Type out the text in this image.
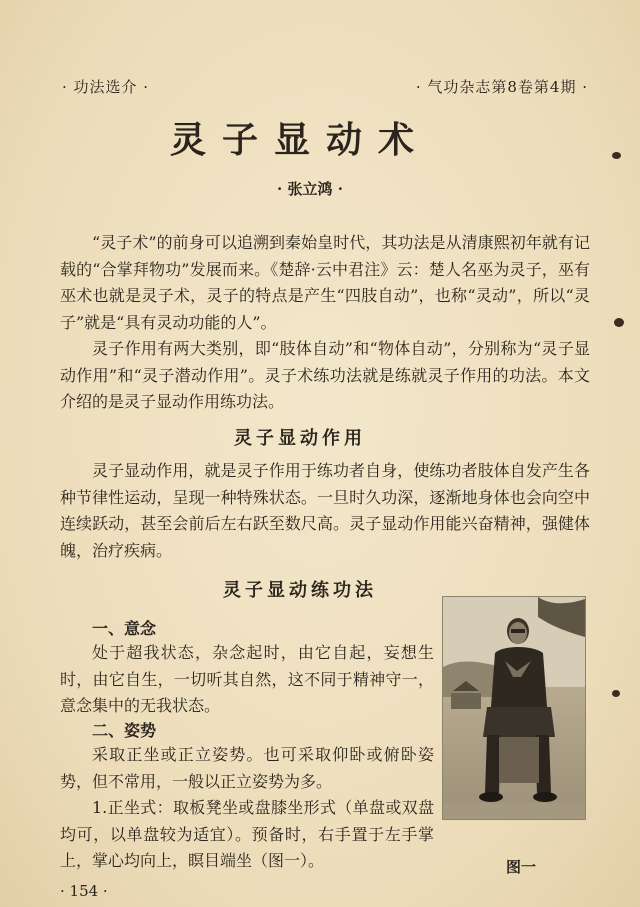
· 功法选介 ·	· 气功杂志第8卷第4期 ·
灵子显动术
· 张立鸿 ·

“灵子术”的前身可以追溯到秦始皇时代，其功法是从清康熙初年就有记载的“合掌拜物功”发展而来。《楚辞·云中君注》云：楚人名巫为灵子，巫有巫术也就是灵子术，灵子的特点是产生“四肢自动”，也称“灵动”，所以“灵子”就是“具有灵动功能的人”。

灵子作用有两大类别，即“肢体自动”和“物体自动”，分别称为“灵子显动作用”和“灵子潜动作用”。灵子术练功法就是练就灵子作用的功法。本文介绍的是灵子显动作用练功法。

灵子显动作用

灵子显动作用，就是灵子作用于练功者自身，使练功者肢体自发产生各种节律性运动，呈现一种特殊状态。一旦时久功深，逐渐地身体也会向空中连续跃动，甚至会前后左右跃至数尺高。灵子显动作用能兴奋精神，强健体魄，治疗疾病。

灵子显动练功法
一、意念

处于超我状态，杂念起时，由它自起，妄想生时，由它自生，一切听其自然，这不同于精神守一，意念集中的无我状态。

二、姿势

采取正坐或正立姿势。也可采取仰卧或俯卧姿势，但不常用，一般以正立姿势为多。

1.正坐式：取板凳坐或盘膝坐形式（单盘或双盘均可，以单盘较为适宜）。预备时，右手置于左手掌上，掌心均向上，瞑目端坐（图一）。	图一
· 154 ·
